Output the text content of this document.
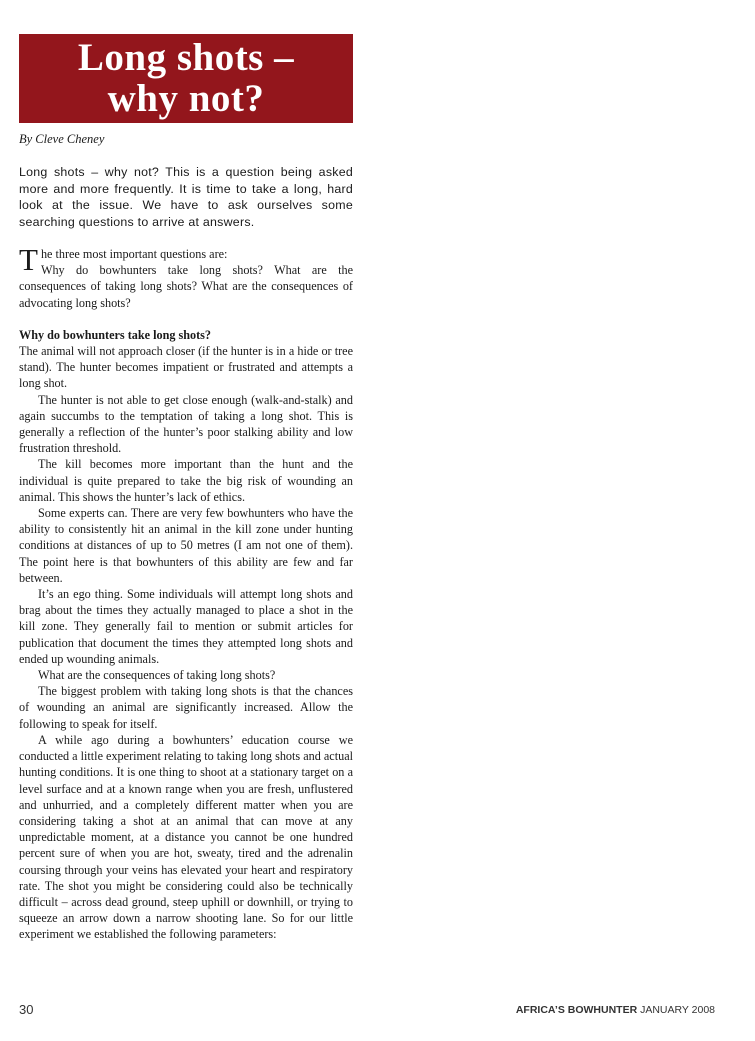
Long shots –
why not?
By Cleve Cheney
Long shots – why not? This is a question being asked more and more frequently. It is time to take a long, hard look at the issue. We have to ask ourselves some searching questions to arrive at answers.

The three most important questions are:
Why do bowhunters take long shots? What are the consequences of taking long shots? What are the consequences of advocating long shots?

Why do bowhunters take long shots?

The animal will not approach closer (if the hunter is in a hide or tree stand). The hunter becomes impatient or frustrated and attempts a long shot.

The hunter is not able to get close enough (walk-and-stalk) and again succumbs to the temptation of taking a long shot. This is generally a reflection of the hunter’s poor stalking ability and low frustration threshold.

The kill becomes more important than the hunt and the individual is quite prepared to take the big risk of wounding an animal. This shows the hunter’s lack of ethics.

Some experts can. There are very few bowhunters who have the ability to consistently hit an animal in the kill zone under hunting conditions at distances of up to 50 metres (I am not one of them). The point here is that bowhunters of this ability are few and far between.

It’s an ego thing. Some individuals will attempt long shots and brag about the times they actually managed to place a shot in the kill zone. They generally fail to mention or submit articles for publication that document the times they attempted long shots and ended up wounding animals.

What are the consequences of taking long shots?

The biggest problem with taking long shots is that the chances of wounding an animal are significantly increased. Allow the following to speak for itself.

A while ago during a bowhunters’ education course we conducted a little experiment relating to taking long shots and actual hunting conditions. It is one thing to shoot at a stationary target on a level surface and at a known range when you are fresh, unflustered and unhurried, and a completely different matter when you are considering taking a shot at an animal that can move at any unpredictable moment, at a distance you cannot be one hundred percent sure of when you are hot, sweaty, tired and the adrenalin coursing through your veins has elevated your heart and respiratory rate. The shot you might be considering could also be technically difficult – across dead ground, steep uphill or downhill, or trying to squeeze an arrow down a narrow shooting lane. So for our little experiment we established the following parameters:

30	AFRICA’S BOWHUNTER JANUARY 2008
